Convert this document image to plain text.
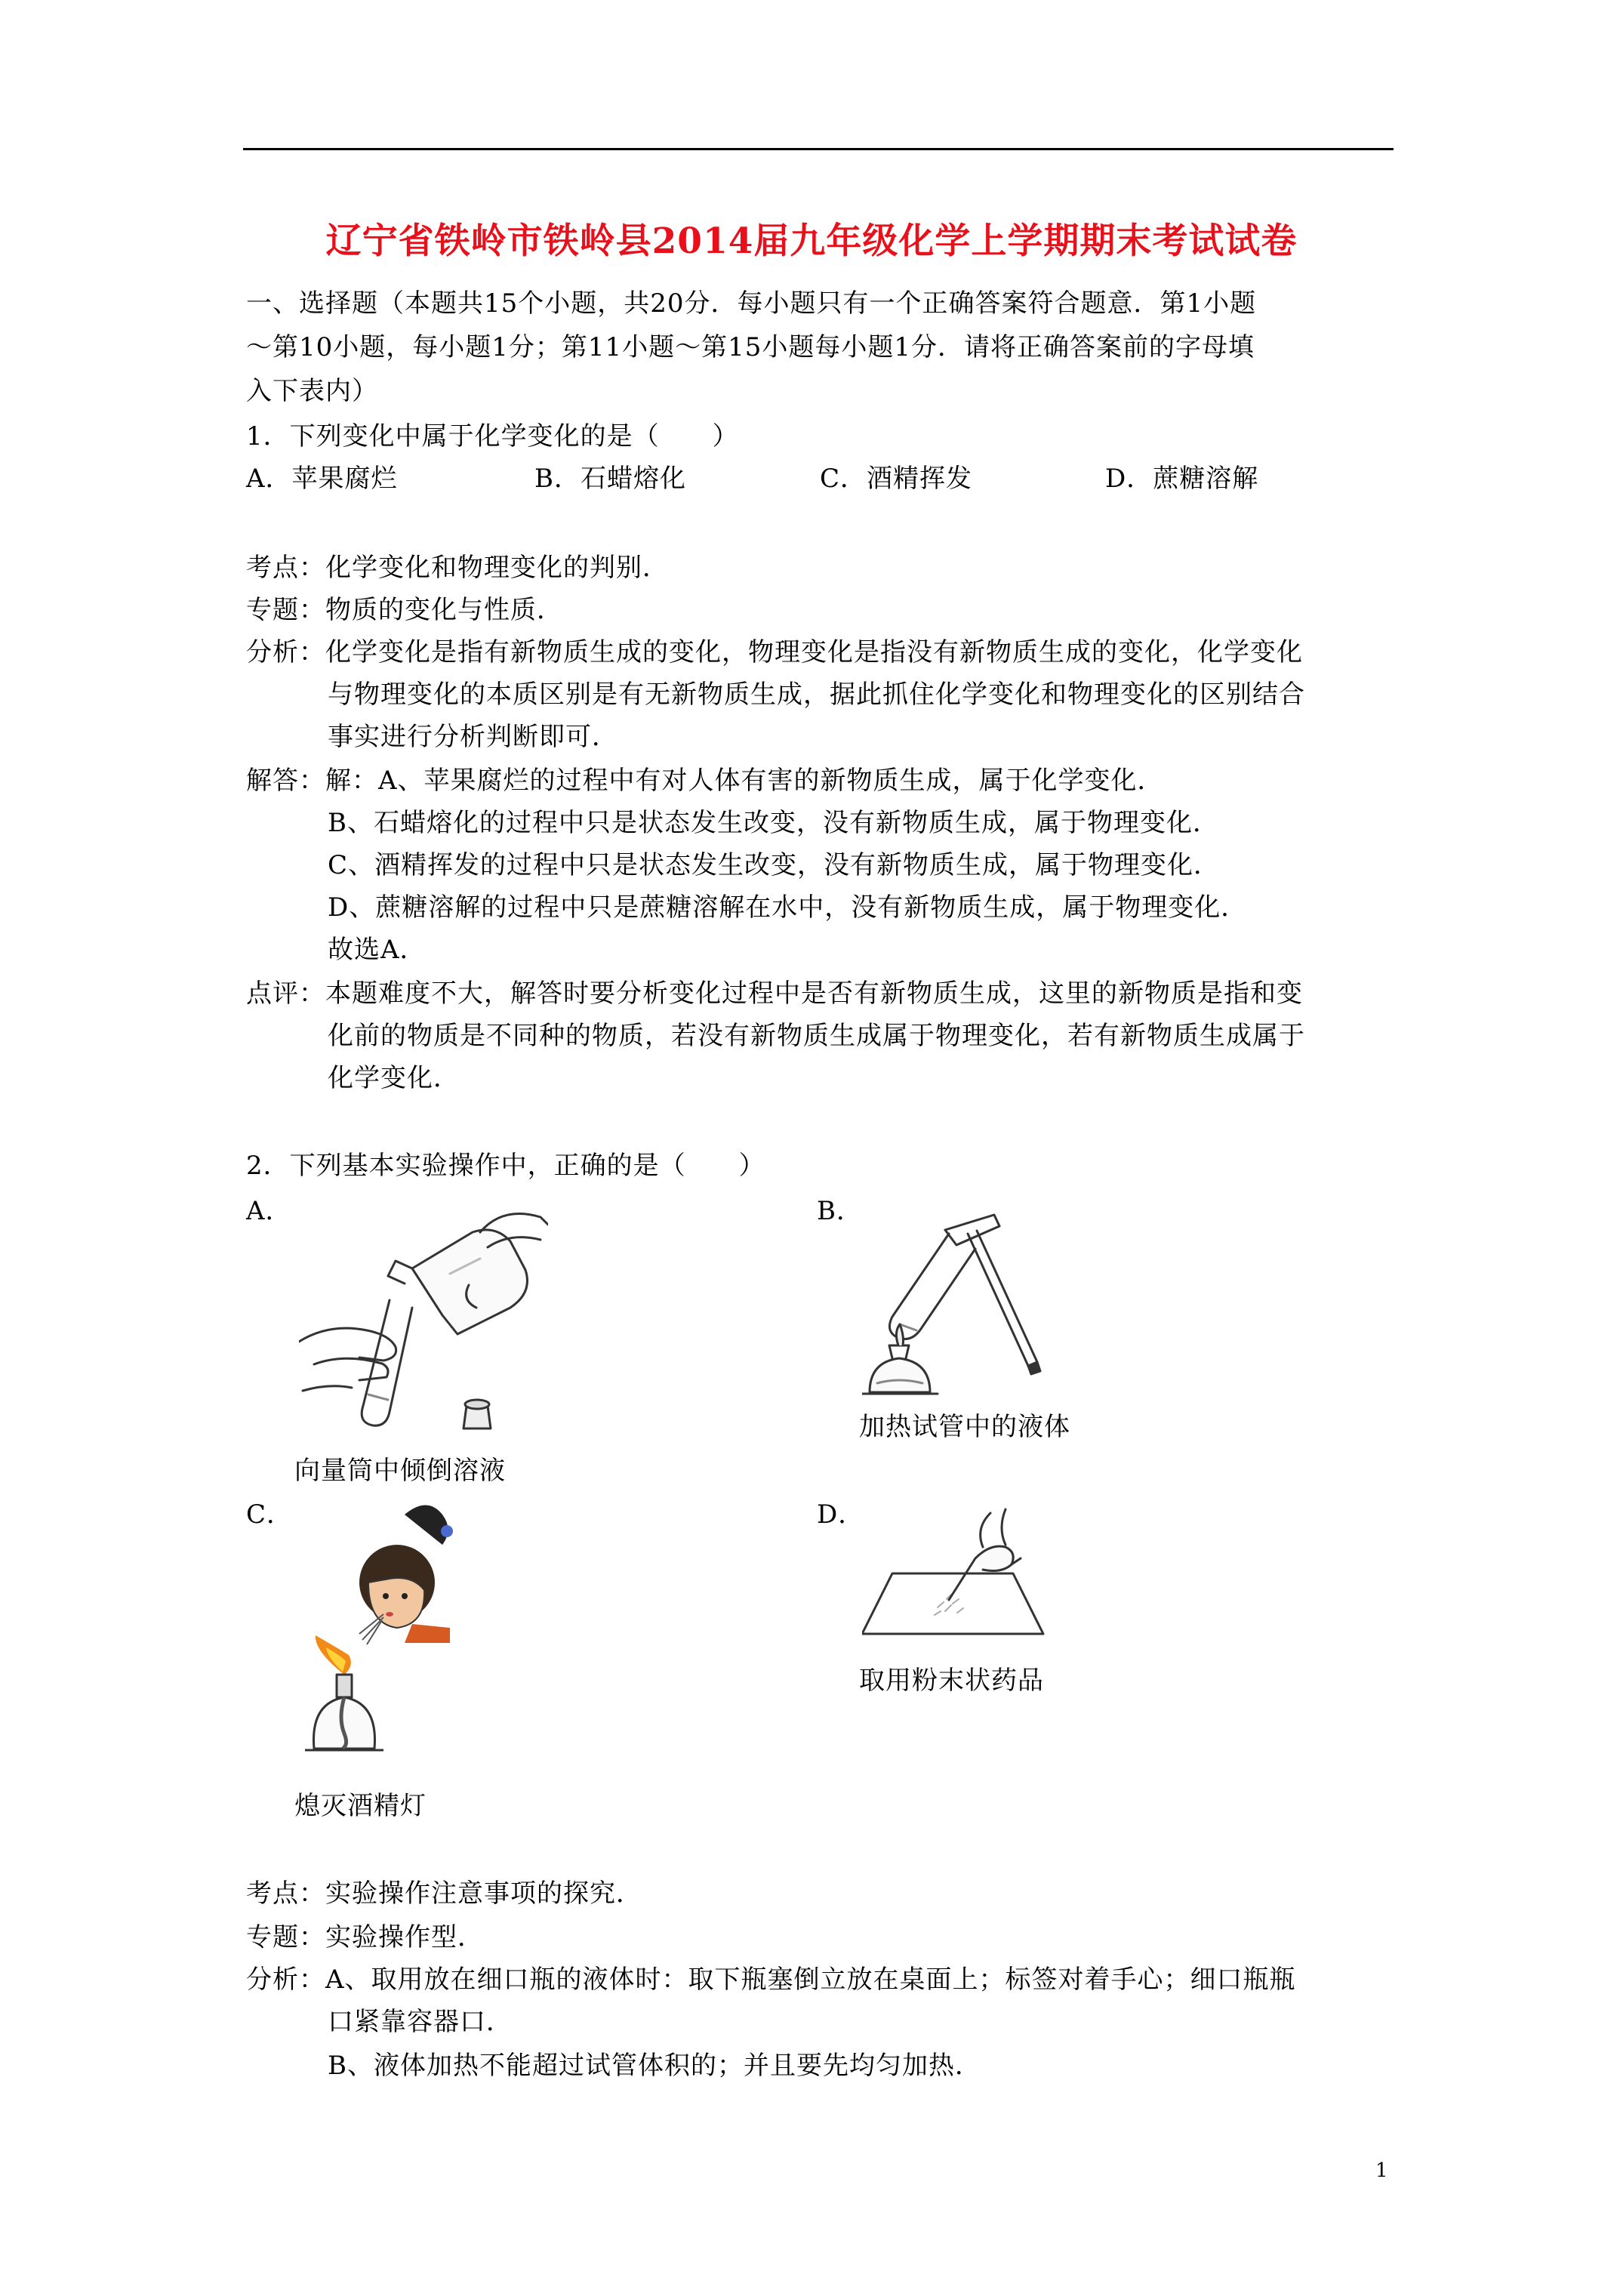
辽宁省铁岭市铁岭县2014届九年级化学上学期期末考试试卷
一、选择题（本题共15个小题，共20分．每小题只有一个正确答案符合题意．第1小题
～第10小题，每小题1分；第11小题～第15小题每小题1分．请将正确答案前的字母填
入下表内）
1．下列变化中属于化学变化的是（　　）
A．苹果腐烂	B．石蜡熔化	C．酒精挥发	D．蔗糖溶解
考点：化学变化和物理变化的判别．
专题：物质的变化与性质．
分析：化学变化是指有新物质生成的变化，物理变化是指没有新物质生成的变化，化学变化
与物理变化的本质区别是有无新物质生成，据此抓住化学变化和物理变化的区别结合
事实进行分析判断即可．
解答：解：A、苹果腐烂的过程中有对人体有害的新物质生成，属于化学变化．
B、石蜡熔化的过程中只是状态发生改变，没有新物质生成，属于物理变化．
C、酒精挥发的过程中只是状态发生改变，没有新物质生成，属于物理变化．
D、蔗糖溶解的过程中只是蔗糖溶解在水中，没有新物质生成，属于物理变化．
故选A．
点评：本题难度不大，解答时要分析变化过程中是否有新物质生成，这里的新物质是指和变
化前的物质是不同种的物质，若没有新物质生成属于物理变化，若有新物质生成属于
化学变化．
2．下列基本实验操作中，正确的是（　　）
A．	B．
加热试管中的液体
向量筒中倾倒溶液
C．	D．
取用粉末状药品
熄灭酒精灯
考点：实验操作注意事项的探究．
专题：实验操作型．
分析：A、取用放在细口瓶的液体时：取下瓶塞倒立放在桌面上；标签对着手心；细口瓶瓶
口紧靠容器口．
B、液体加热不能超过试管体积的；并且要先均匀加热．
1
